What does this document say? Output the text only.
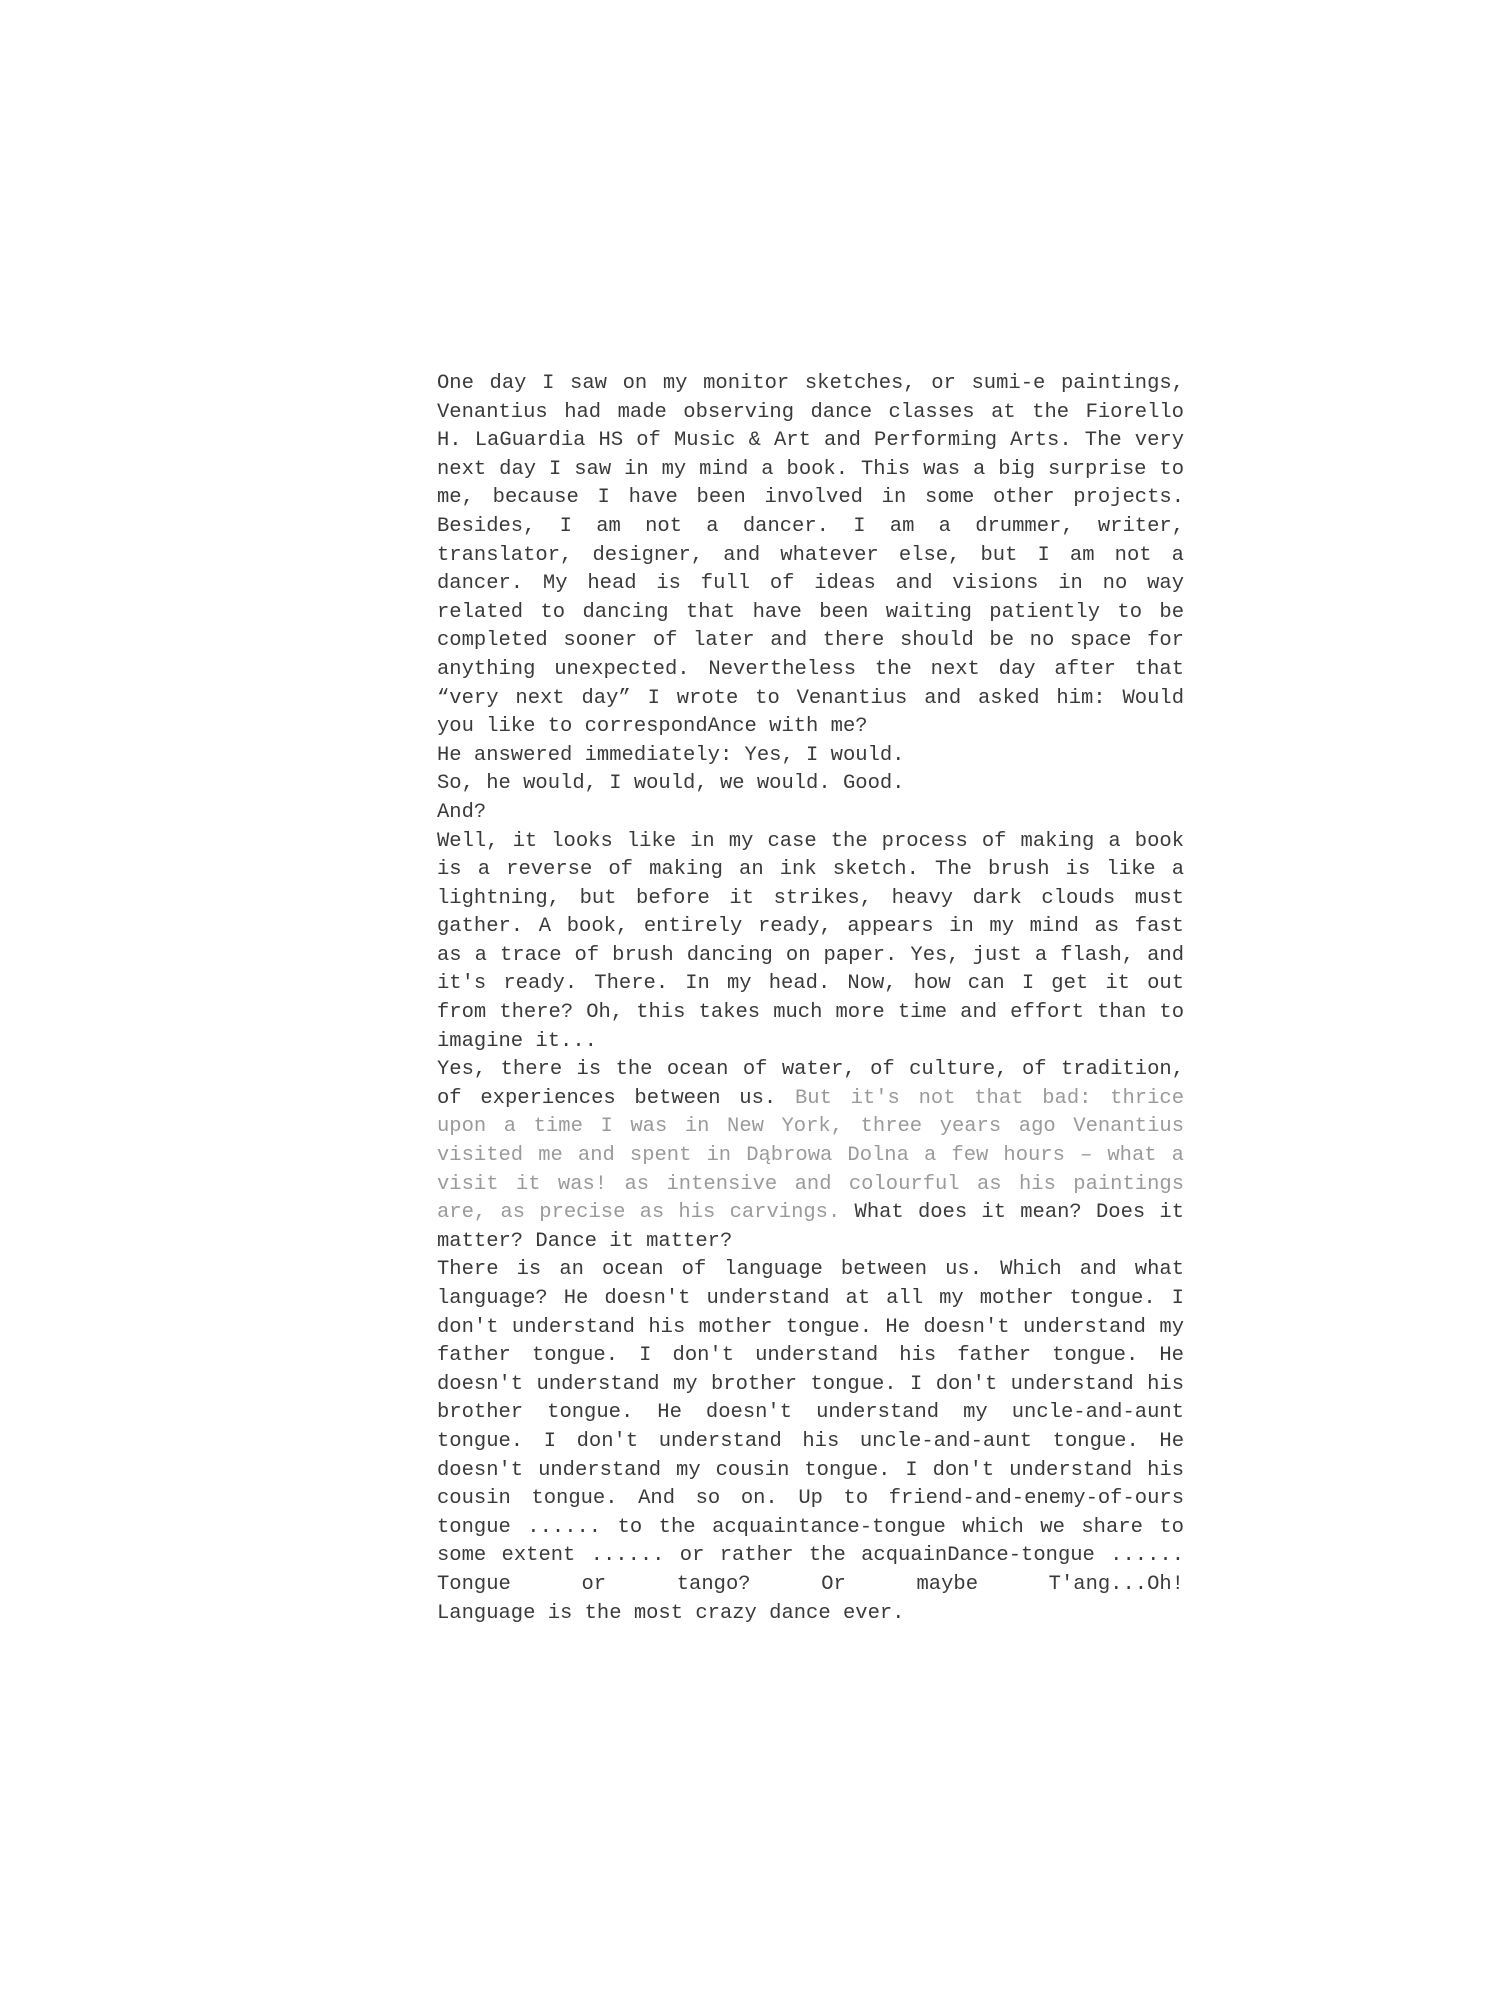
One day I saw on my monitor sketches, or sumi-e paintings, Venantius had made observing dance classes at the Fiorello H. LaGuardia HS of Music & Art and Performing Arts. The very next day I saw in my mind a book. This was a big surprise to me, because I have been involved in some other projects. Besides, I am not a dancer. I am a drummer, writer, translator, designer, and whatever else, but I am not a dancer. My head is full of ideas and visions in no way related to dancing that have been waiting patiently to be completed sooner of later and there should be no space for anything unexpected. Nevertheless the next day after that “very next day” I wrote to Venantius and asked him: Would you like to correspondAnce with me?

He answered immediately: Yes, I would.

So, he would, I would, we would. Good.

And?

Well, it looks like in my case the process of making a book is a reverse of making an ink sketch. The brush is like a lightning, but before it strikes, heavy dark clouds must gather. A book, entirely ready, appears in my mind as fast as a trace of brush dancing on paper. Yes, just a flash, and it's ready. There. In my head. Now, how can I get it out from there? Oh, this takes much more time and effort than to imagine it...

Yes, there is the ocean of water, of culture, of tradition, of experiences between us. But it's not that bad: thrice upon a time I was in New York, three years ago Venantius visited me and spent in Dąbrowa Dolna a few hours – what a visit it was! as intensive and colourful as his paintings are, as precise as his carvings. What does it mean? Does it matter? Dance it matter?

There is an ocean of language between us. Which and what language? He doesn't understand at all my mother tongue. I don't understand his mother tongue. He doesn't understand my father tongue. I don't understand his father tongue. He doesn't understand my brother tongue. I don't understand his brother tongue. He doesn't understand my uncle-and-aunt tongue. I don't understand his uncle-and-aunt tongue. He doesn't understand my cousin tongue. I don't understand his cousin tongue. And so on. Up to friend-and-enemy-of-ours tongue ...... to the acquaintance-tongue which we share to some extent ...... or rather the acquainDance-tongue ...... Tongue or tango? Or maybe T'ang...Oh!

Language is the most crazy dance ever.
